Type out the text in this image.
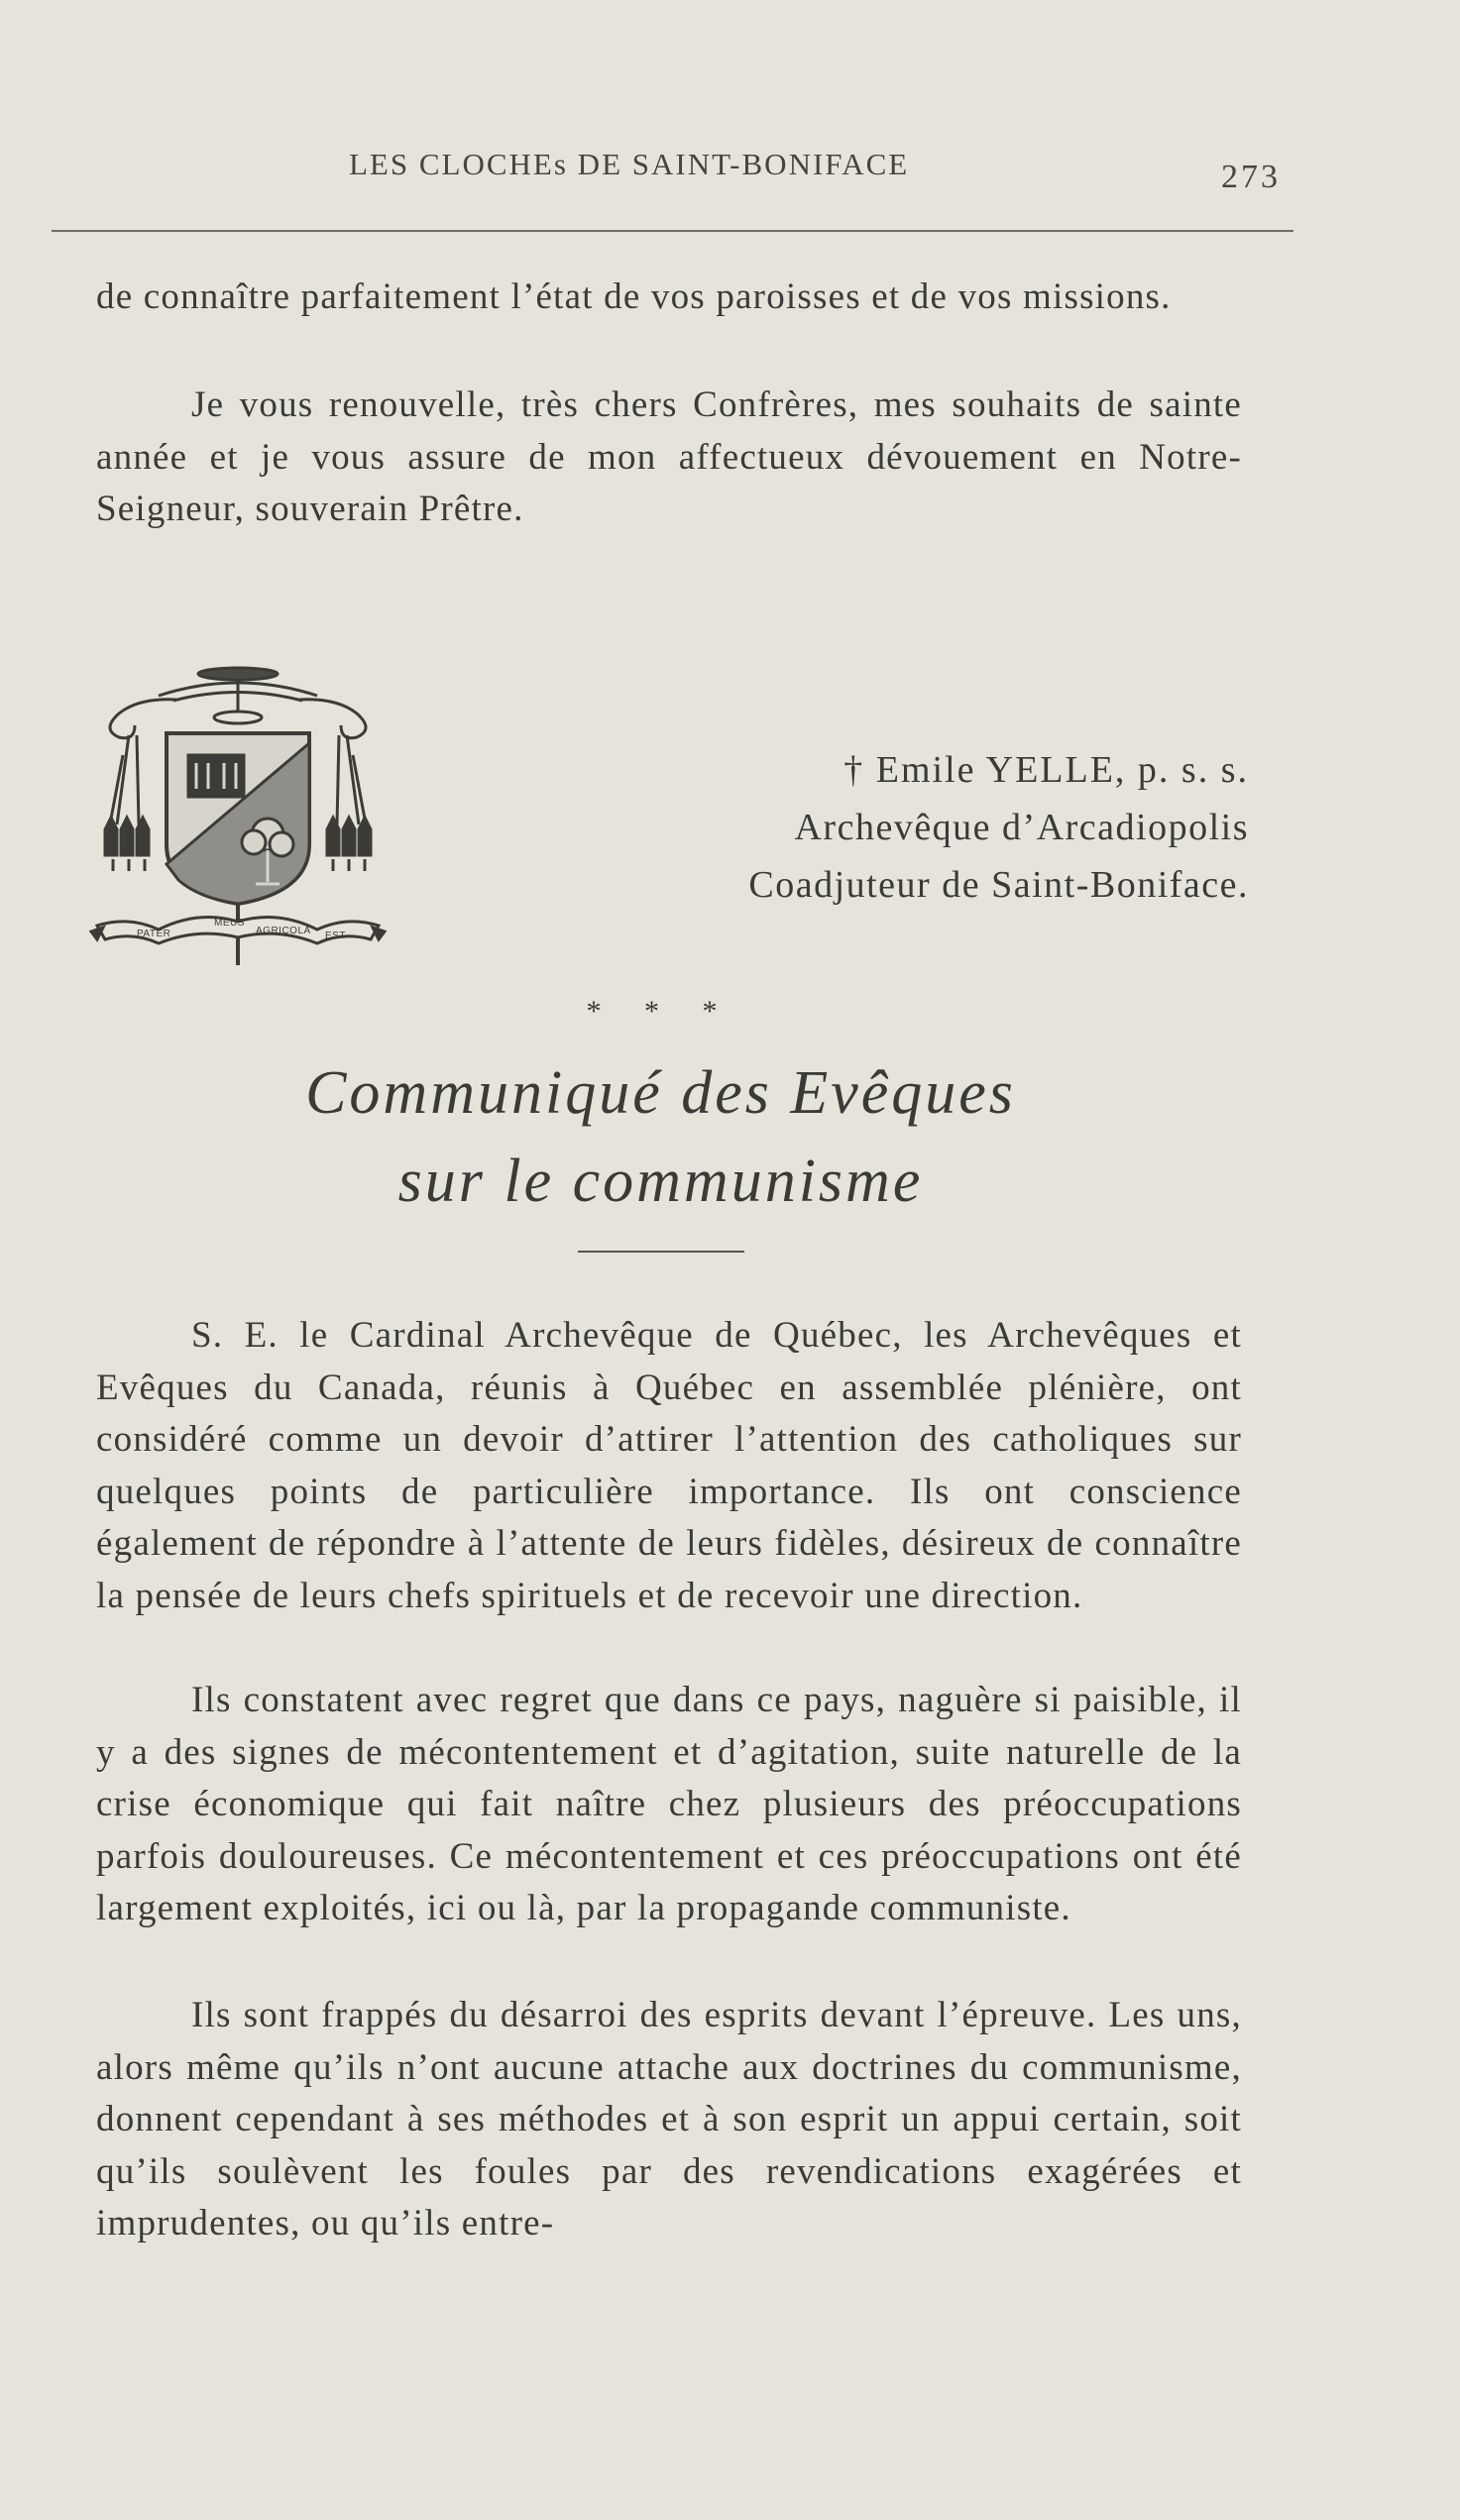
LES CLOCHEs DE SAINT-BONIFACE	273

de connaître parfaitement l’état de vos paroisses et de vos missions.

Je vous renouvelle, très chers Confrères, mes souhaits de sainte année et je vous assure de mon affectueux dévouement en Notre-Seigneur, souverain Prêtre.

PATER
MEUS
AGRICOLA EST
† Emile YELLE, p. s. s.
Archevêque d’Arcadiopolis
Coadjuteur de Saint-Boniface.
* * *
Communiqué des Evêques
sur le communisme

S. E. le Cardinal Archevêque de Québec, les Archevêques et Evêques du Canada, réunis à Québec en assemblée plénière, ont considéré comme un devoir d’attirer l’attention des catholiques sur quelques points de particulière importance. Ils ont conscience également de répondre à l’attente de leurs fidèles, désireux de connaître la pensée de leurs chefs spirituels et de recevoir une direction.

Ils constatent avec regret que dans ce pays, naguère si paisible, il y a des signes de mécontentement et d’agitation, suite naturelle de la crise économique qui fait naître chez plusieurs des préoccupations parfois douloureuses. Ce mécontentement et ces préoccupations ont été largement exploités, ici ou là, par la propagande communiste.

Ils sont frappés du désarroi des esprits devant l’épreuve. Les uns, alors même qu’ils n’ont aucune attache aux doctrines du communisme, donnent cependant à ses méthodes et à son esprit un appui certain, soit qu’ils soulèvent les foules par des revendications exagérées et imprudentes, ou qu’ils entre-
